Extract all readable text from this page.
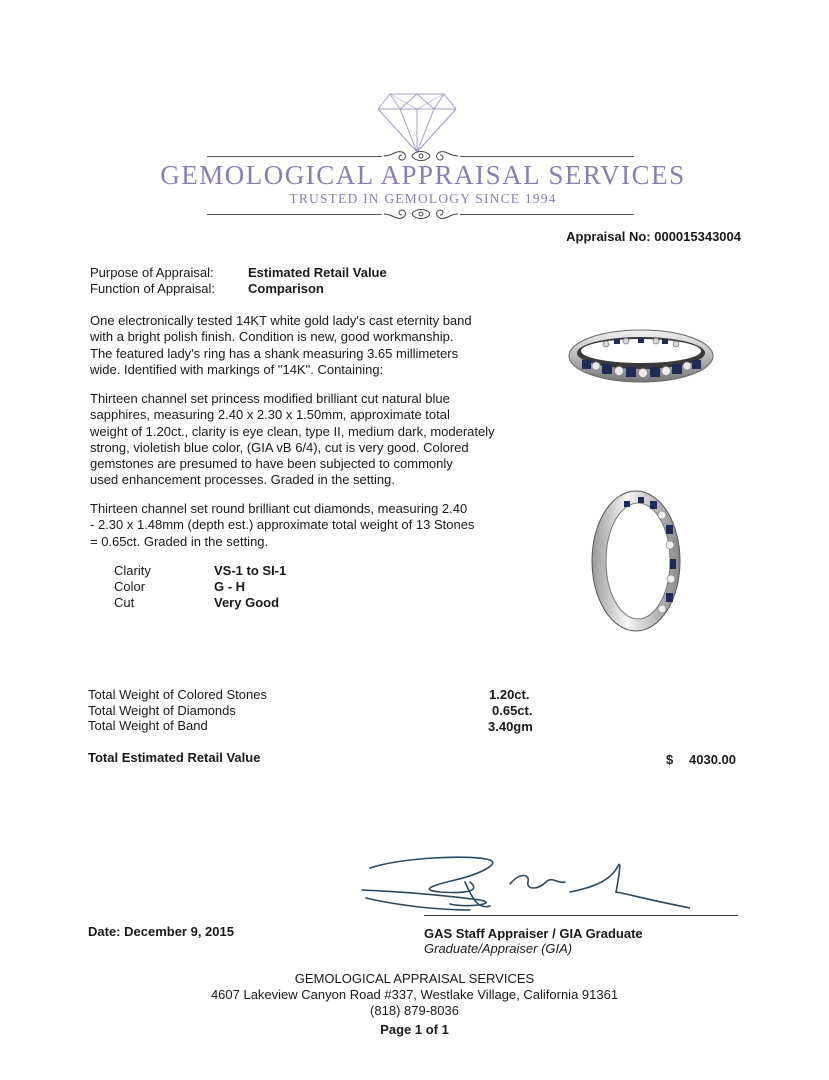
GEMOLOGICAL APPRAISAL SERVICES
TRUSTED IN GEMOLOGY SINCE 1994
Appraisal No: 000015343004
Purpose of Appraisal:	Estimated Retail Value
Function of Appraisal:	Comparison
One electronically tested 14KT white gold lady's cast eternity band
with a bright polish finish. Condition is new, good workmanship.
The featured lady's ring has a shank measuring 3.65 millimeters
wide. Identified with markings of "14K". Containing:
Thirteen channel set princess modified brilliant cut natural blue
sapphires, measuring 2.40 x 2.30 x 1.50mm, approximate total
weight of 1.20ct., clarity is eye clean, type II, medium dark, moderately
strong, violetish blue color, (GIA vB 6/4), cut is very good. Colored
gemstones are presumed to have been subjected to commonly
used enhancement processes. Graded in the setting.
Thirteen channel set round brilliant cut diamonds, measuring 2.40
- 2.30 x 1.48mm (depth est.) approximate total weight of 13 Stones
= 0.65ct. Graded in the setting.
Clarity	VS-1 to SI-1
Color	G - H
Cut	Very Good
Total Weight of Colored Stones	1.20ct.
Total Weight of Diamonds	0.65ct.
Total Weight of Band	3.40gm
Total Estimated Retail Value	$ 4030.00
Date: December 9, 2015	GAS Staff Appraiser / GIA Graduate
Graduate/Appraiser (GIA)
GEMOLOGICAL APPRAISAL SERVICES
4607 Lakeview Canyon Road #337, Westlake Village, California 91361
(818) 879-8036
Page 1 of 1
